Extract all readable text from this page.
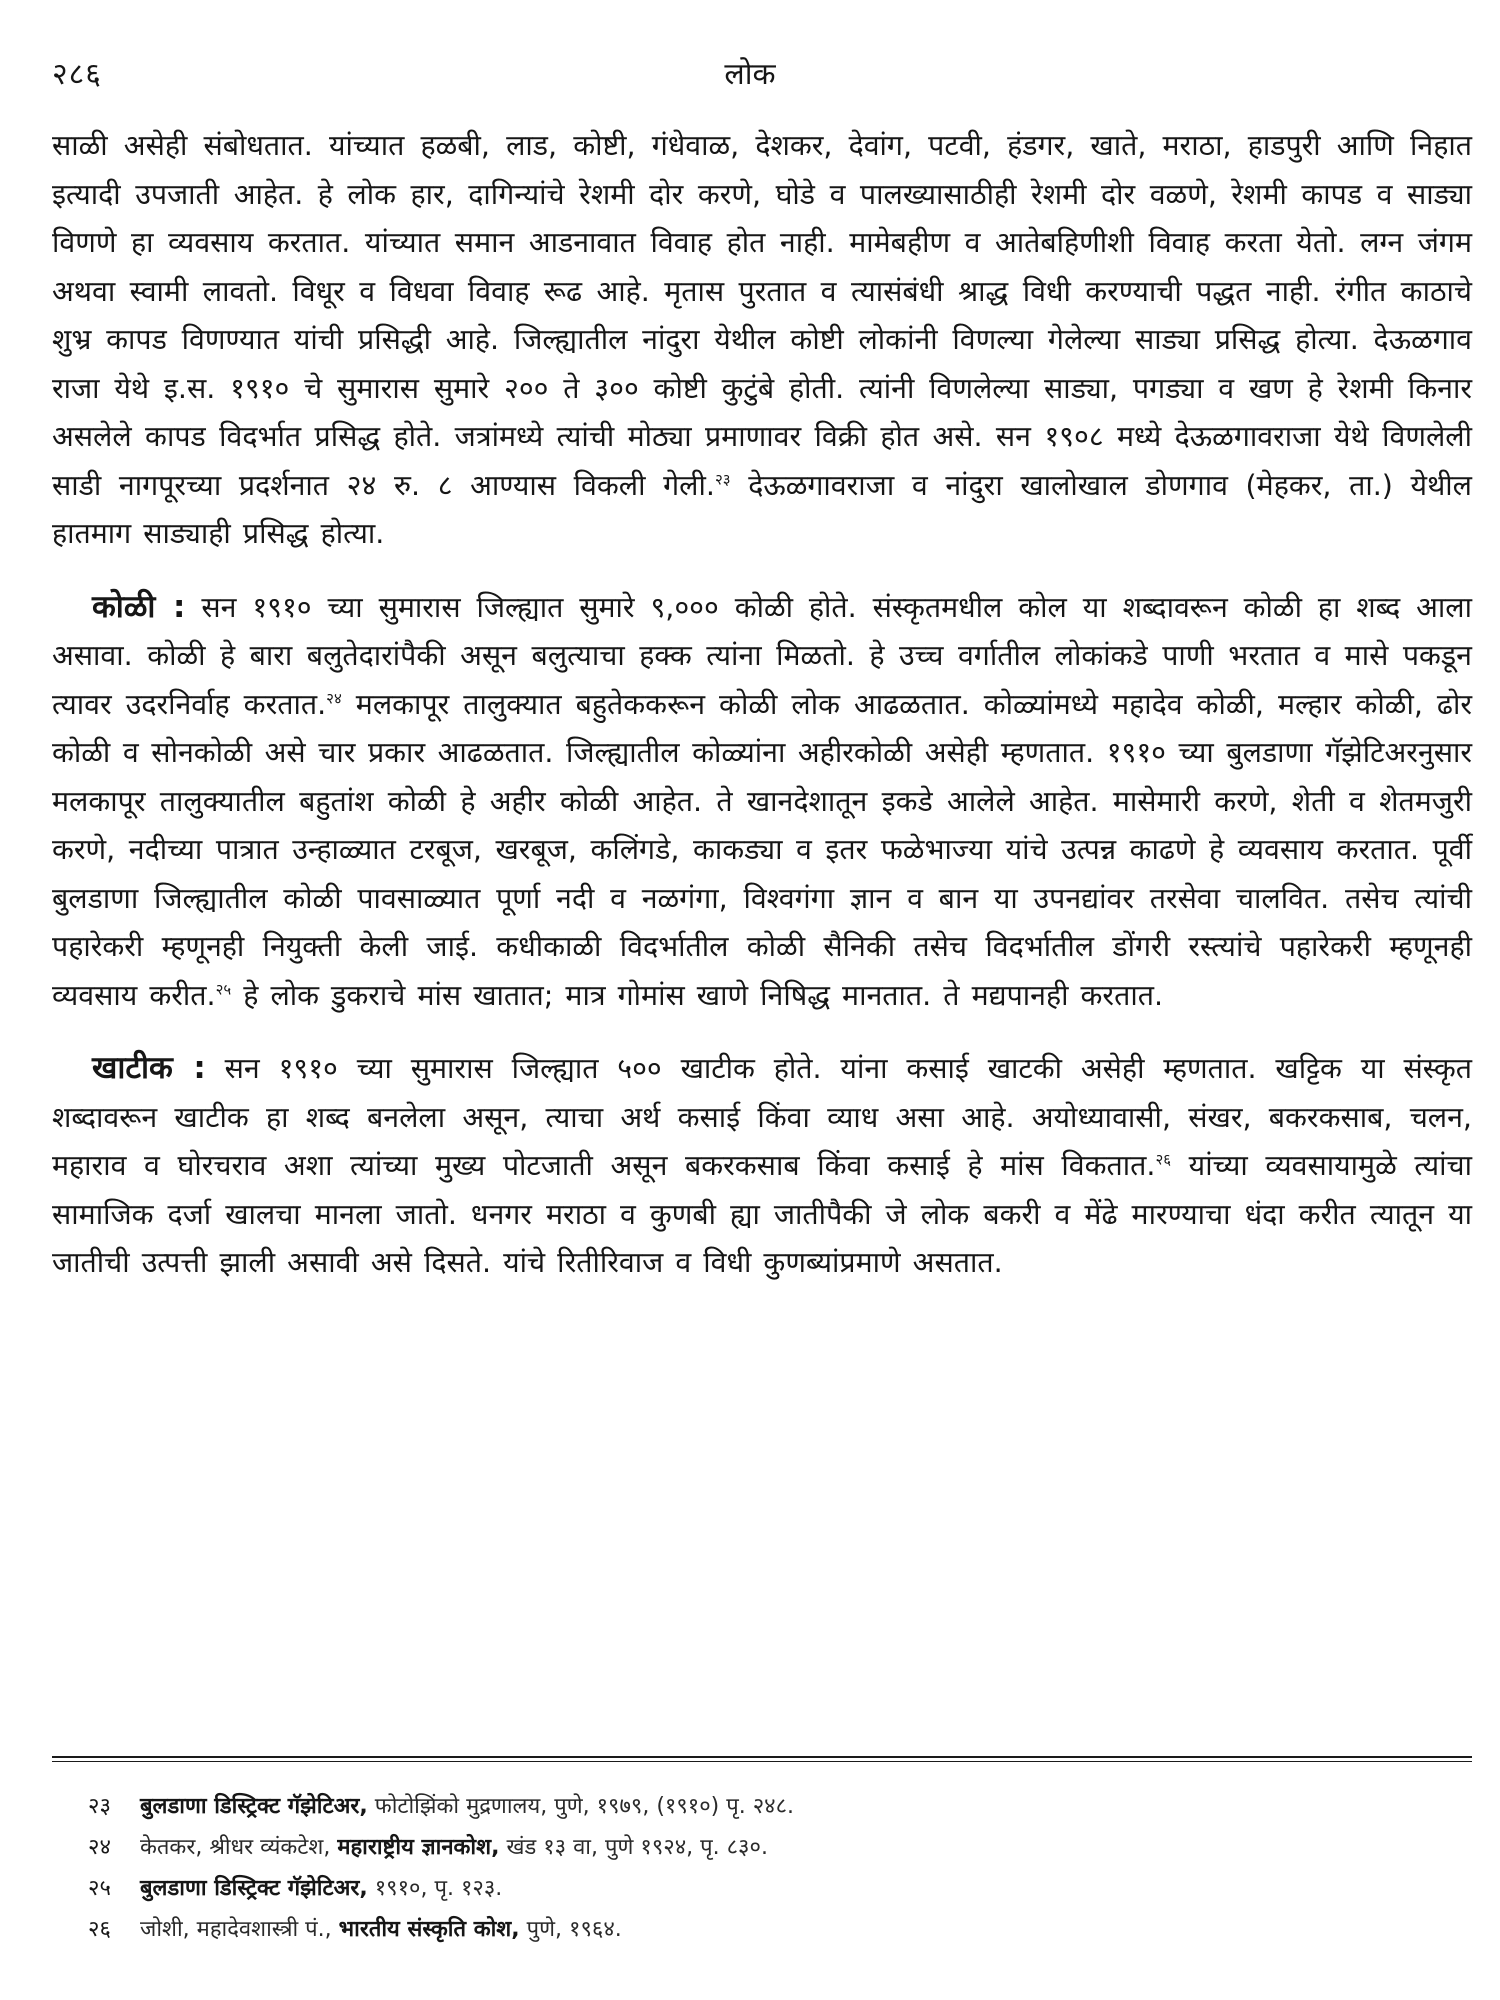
२८६	लोक

साळी असेही संबोधतात. यांच्यात हळबी, लाड, कोष्टी, गंधेवाळ, देशकर, देवांग, पटवी, हंडगर, खाते, मराठा, हाडपुरी आणि निहात इत्यादी उपजाती आहेत. हे लोक हार, दागिन्यांचे रेशमी दोर करणे, घोडे व पालख्यासाठीही रेशमी दोर वळणे, रेशमी कापड व साड्या विणणे हा व्यवसाय करतात. यांच्यात समान आडनावात विवाह होत नाही. मामेबहीण व आतेबहिणीशी विवाह करता येतो. लग्न जंगम अथवा स्वामी लावतो. विधूर व विधवा विवाह रूढ आहे. मृतास पुरतात व त्यासंबंधी श्राद्ध विधी करण्याची पद्धत नाही. रंगीत काठाचे शुभ्र कापड विणण्यात यांची प्रसिद्धी आहे. जिल्ह्यातील नांदुरा येथील कोष्टी लोकांनी विणल्या गेलेल्या साड्या प्रसिद्ध होत्या. देऊळगाव राजा येथे इ.स. १९१० चे सुमारास सुमारे २०० ते ३०० कोष्टी कुटुंबे होती. त्यांनी विणलेल्या साड्या, पगड्या व खण हे रेशमी किनार असलेले कापड विदर्भात प्रसिद्ध होते. जत्रांमध्ये त्यांची मोठ्या प्रमाणावर विक्री होत असे. सन १९०८ मध्ये देऊळगावराजा येथे विणलेली साडी नागपूरच्या प्रदर्शनात २४ रु. ८ आण्यास विकली गेली.$^{२३}$ देऊळगावराजा व नांदुरा खालोखाल डोणगाव (मेहकर, ता.) येथील हातमाग साड्याही प्रसिद्ध होत्या.

कोळी : सन १९१० च्या सुमारास जिल्ह्यात सुमारे ९,००० कोळी होते. संस्कृतमधील कोल या शब्दावरून कोळी हा शब्द आला असावा. कोळी हे बारा बलुतेदारांपैकी असून बलुत्याचा हक्क त्यांना मिळतो. हे उच्च वर्गातील लोकांकडे पाणी भरतात व मासे पकडून त्यावर उदरनिर्वाह करतात.$^{२४}$ मलकापूर तालुक्यात बहुतेककरून कोळी लोक आढळतात. कोळ्यांमध्ये महादेव कोळी, मल्हार कोळी, ढोर कोळी व सोनकोळी असे चार प्रकार आढळतात. जिल्ह्यातील कोळ्यांना अहीरकोळी असेही म्हणतात. १९१० च्या बुलडाणा गॅझेटिअरनुसार मलकापूर तालुक्यातील बहुतांश कोळी हे अहीर कोळी आहेत. ते खानदेशातून इकडे आलेले आहेत. मासेमारी करणे, शेती व शेतमजुरी करणे, नदीच्या पात्रात उन्हाळ्यात टरबूज, खरबूज, कलिंगडे, काकड्या व इतर फळेभाज्या यांचे उत्पन्न काढणे हे व्यवसाय करतात. पूर्वी बुलडाणा जिल्ह्यातील कोळी पावसाळ्यात पूर्णा नदी व नळगंगा, विश्वगंगा ज्ञान व बान या उपनद्यांवर तरसेवा चालवित. तसेच त्यांची पहारेकरी म्हणूनही नियुक्ती केली जाई. कधीकाळी विदर्भातील कोळी सैनिकी तसेच विदर्भातील डोंगरी रस्त्यांचे पहारेकरी म्हणूनही व्यवसाय करीत.$^{२५}$ हे लोक डुकराचे मांस खातात; मात्र गोमांस खाणे निषिद्ध मानतात. ते मद्यपानही करतात.

खाटीक : सन १९१० च्या सुमारास जिल्ह्यात ५०० खाटीक होते. यांना कसाई खाटकी असेही म्हणतात. खट्टिक या संस्कृत शब्दावरून खाटीक हा शब्द बनलेला असून, त्याचा अर्थ कसाई किंवा व्याध असा आहे. अयोध्यावासी, संखर, बकरकसाब, चलन, महाराव व घोरचराव अशा त्यांच्या मुख्य पोटजाती असून बकरकसाब किंवा कसाई हे मांस विकतात.$^{२६}$ यांच्या व्यवसायामुळे त्यांचा सामाजिक दर्जा खालचा मानला जातो. धनगर मराठा व कुणबी ह्या जातीपैकी जे लोक बकरी व मेंढे मारण्याचा धंदा करीत त्यातून या जातीची उत्पत्ती झाली असावी असे दिसते. यांचे रितीरिवाज व विधी कुणब्यांप्रमाणे असतात.

२३ बुलडाणा डिस्ट्रिक्ट गॅझेटिअर, फोटोझिंको मुद्रणालय, पुणे, १९७९, (१९१०) पृ. २४८.
२४ केतकर, श्रीधर व्यंकटेश, महाराष्ट्रीय ज्ञानकोश, खंड १३ वा, पुणे १९२४, पृ. ८३०.
२५ बुलडाणा डिस्ट्रिक्ट गॅझेटिअर, १९१०, पृ. १२३.
२६ जोशी, महादेवशास्त्री पं., भारतीय संस्कृति कोश, पुणे, १९६४.
